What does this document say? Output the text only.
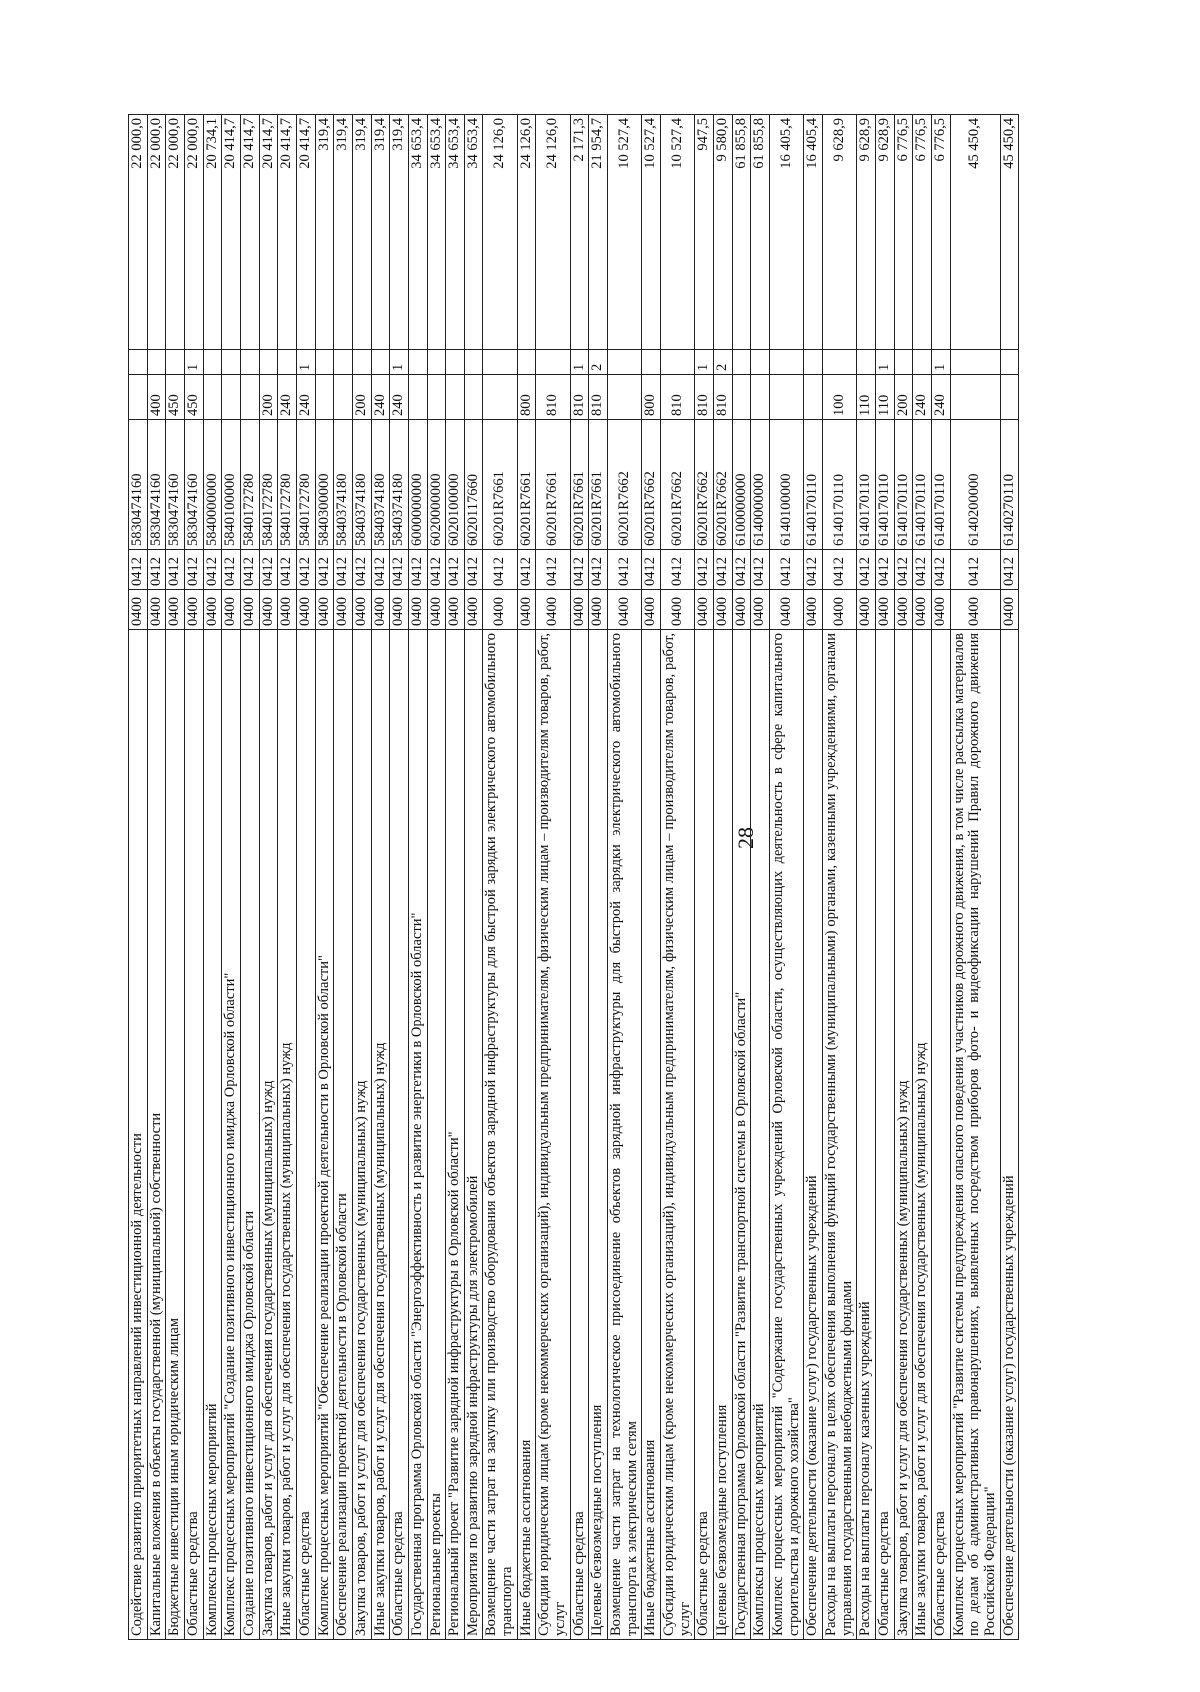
28
Содействие развитию приоритетных направлений инвестиционной деятельности	0400	0412	5830474160			22 000,0
Капитальные вложения в объекты государственной (муниципальной) собственности	0400	0412	5830474160	400		22 000,0
Бюджетные инвестиции иным юридическим лицам	0400	0412	5830474160	450		22 000,0
Областные средства	0400	0412	5830474160	450	1	22 000,0
Комплексы процессных мероприятий	0400	0412	5840000000			20 734,1
Комплекс процессных мероприятий "Создание позитивного инвестиционного имиджа Орловской области"	0400	0412	5840100000			20 414,7
Создание позитивного инвестиционного имиджа Орловской области	0400	0412	5840172780			20 414,7
Закупка товаров, работ и услуг для обеспечения государственных (муниципальных) нужд	0400	0412	5840172780	200		20 414,7
Иные закупки товаров, работ и услуг для обеспечения государственных (муниципальных) нужд	0400	0412	5840172780	240		20 414,7
Областные средства	0400	0412	5840172780	240	1	20 414,7
Комплекс процессных мероприятий "Обеспечение реализации проектной деятельности в Орловской области"	0400	0412	5840300000			319,4
Обеспечение реализации проектной деятельности в Орловской области	0400	0412	5840374180			319,4
Закупка товаров, работ и услуг для обеспечения государственных (муниципальных) нужд	0400	0412	5840374180	200		319,4
Иные закупки товаров, работ и услуг для обеспечения государственных (муниципальных) нужд	0400	0412	5840374180	240		319,4
Областные средства	0400	0412	5840374180	240	1	319,4
Государственная программа Орловской области "Энергоэффективность и развитие энергетики в Орловской области"	0400	0412	6000000000			34 653,4
Региональные проекты	0400	0412	6020000000			34 653,4
Региональный проект "Развитие зарядной инфраструктуры в Орловской области"	0400	0412	6020100000			34 653,4
Мероприятия по развитию зарядной инфраструктуры для электромобилей	0400	0412	6020117660			34 653,4
Возмещение части затрат на закупку или производство оборудования объектов зарядной инфраструктуры для быстрой зарядки электрического автомобильного транспорта	0400	0412	60201R7661			24 126,0
Иные бюджетные ассигнования	0400	0412	60201R7661	800		24 126,0
Субсидии юридическим лицам (кроме некоммерческих организаций), индивидуальным предпринимателям, физическим лицам – производителям товаров, работ, услуг	0400	0412	60201R7661	810		24 126,0
Областные средства	0400	0412	60201R7661	810	1	2 171,3
Целевые безвозмездные поступления	0400	0412	60201R7661	810	2	21 954,7
Возмещение части затрат на технологическое присоединение объектов зарядной инфраструктуры для быстрой зарядки электрического автомобильного транспорта к электрическим сетям	0400	0412	60201R7662			10 527,4
Иные бюджетные ассигнования	0400	0412	60201R7662	800		10 527,4
Субсидии юридическим лицам (кроме некоммерческих организаций), индивидуальным предпринимателям, физическим лицам – производителям товаров, работ, услуг	0400	0412	60201R7662	810		10 527,4
Областные средства	0400	0412	60201R7662	810	1	947,5
Целевые безвозмездные поступления	0400	0412	60201R7662	810	2	9 580,0
Государственная программа Орловской области "Развитие транспортной системы в Орловской области"	0400	0412	6100000000			61 855,8
Комплексы процессных мероприятий	0400	0412	6140000000			61 855,8
Комплекс процессных мероприятий "Содержание государственных учреждений Орловской области, осуществляющих деятельность в сфере капитального строительства и дорожного хозяйства"	0400	0412	6140100000			16 405,4
Обеспечение деятельности (оказание услуг) государственных учреждений	0400	0412	6140170110			16 405,4
Расходы на выплаты персоналу в целях обеспечения выполнения функций государственными (муниципальными) органами, казенными учреждениями, органами управления государственными внебюджетными фондами	0400	0412	6140170110	100		9 628,9
Расходы на выплаты персоналу казенных учреждений	0400	0412	6140170110	110		9 628,9
Областные средства	0400	0412	6140170110	110	1	9 628,9
Закупка товаров, работ и услуг для обеспечения государственных (муниципальных) нужд	0400	0412	6140170110	200		6 776,5
Иные закупки товаров, работ и услуг для обеспечения государственных (муниципальных) нужд	0400	0412	6140170110	240		6 776,5
Областные средства	0400	0412	6140170110	240	1	6 776,5
Комплекс процессных мероприятий "Развитие системы предупреждения опасного поведения участников дорожного движения, в том числе рассылка материалов по делам об административных правонарушениях, выявленных посредством приборов фото- и видеофиксации нарушений Правил дорожного движения Российской Федерации"	0400	0412	6140200000			45 450,4
Обеспечение деятельности (оказание услуг) государственных учреждений	0400	0412	6140270110			45 450,4
